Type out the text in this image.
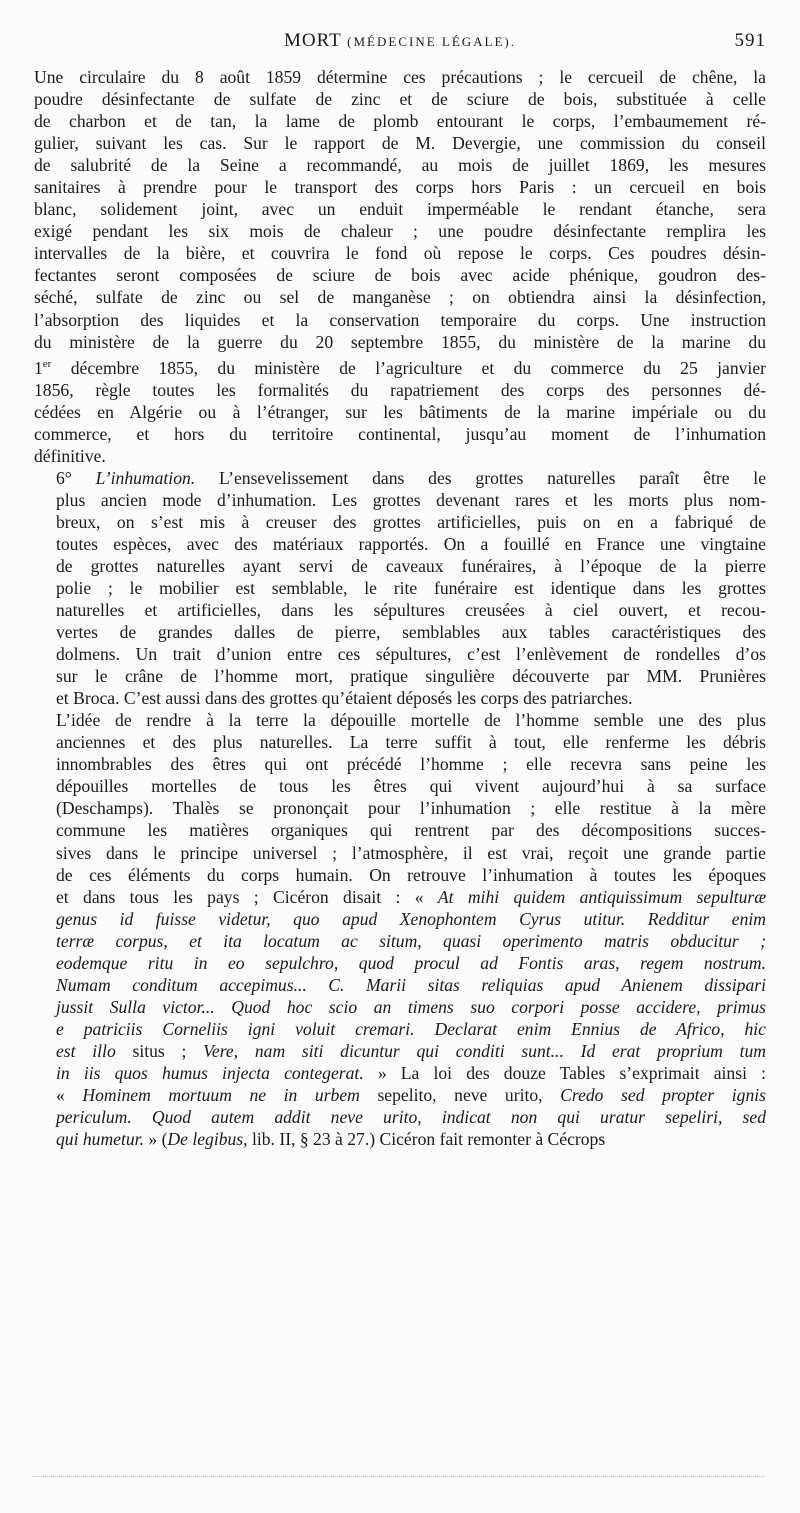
MORT (MÉDECINE LÉGALE).	591

Une circulaire du 8 août 1859 détermine ces précautions ; le cercueil de chêne, la
poudre désinfectante de sulfate de zinc et de sciure de bois, substituée à celle
de charbon et de tan, la lame de plomb entourant le corps, l’embaumement ré-
gulier, suivant les cas. Sur le rapport de M. Devergie, une commission du conseil
de salubrité de la Seine a recommandé, au mois de juillet 1869, les mesures
sanitaires à prendre pour le transport des corps hors Paris : un cercueil en bois
blanc, solidement joint, avec un enduit imperméable le rendant étanche, sera
exigé pendant les six mois de chaleur ; une poudre désinfectante remplira les
intervalles de la bière, et couvrira le fond où repose le corps. Ces poudres désin-
fectantes seront composées de sciure de bois avec acide phénique, goudron des-
séché, sulfate de zinc ou sel de manganèse ; on obtiendra ainsi la désinfection,
l’absorption des liquides et la conservation temporaire du corps. Une instruction
du ministère de la guerre du 20 septembre 1855, du ministère de la marine du
1er décembre 1855, du ministère de l’agriculture et du commerce du 25 janvier
1856, règle toutes les formalités du rapatriement des corps des personnes dé-
cédées en Algérie ou à l’étranger, sur les bâtiments de la marine impériale ou du
commerce, et hors du territoire continental, jusqu’au moment de l’inhumation
définitive.

6° L’inhumation. L’ensevelissement dans des grottes naturelles paraît être le
plus ancien mode d’inhumation. Les grottes devenant rares et les morts plus nom-
breux, on s’est mis à creuser des grottes artificielles, puis on en a fabriqué de
toutes espèces, avec des matériaux rapportés. On a fouillé en France une vingtaine
de grottes naturelles ayant servi de caveaux funéraires, à l’époque de la pierre
polie ; le mobilier est semblable, le rite funéraire est identique dans les grottes
naturelles et artificielles, dans les sépultures creusées à ciel ouvert, et recou-
vertes de grandes dalles de pierre, semblables aux tables caractéristiques des
dolmens. Un trait d’union entre ces sépultures, c’est l’enlèvement de rondelles d’os
sur le crâne de l’homme mort, pratique singulière découverte par MM. Prunières
et Broca. C’est aussi dans des grottes qu’étaient déposés les corps des patriarches.

L’idée de rendre à la terre la dépouille mortelle de l’homme semble une des plus
anciennes et des plus naturelles. La terre suffit à tout, elle renferme les débris
innombrables des êtres qui ont précédé l’homme ; elle recevra sans peine les
dépouilles mortelles de tous les êtres qui vivent aujourd’hui à sa surface
(Deschamps). Thalès se prononçait pour l’inhumation ; elle restitue à la mère
commune les matières organiques qui rentrent par des décompositions succes-
sives dans le principe universel ; l’atmosphère, il est vrai, reçoit une grande partie
de ces éléments du corps humain. On retrouve l’inhumation à toutes les époques
et dans tous les pays ; Cicéron disait : « At mihi quidem antiquissimum sepulturæ
genus id fuisse videtur, quo apud Xenophontem Cyrus utitur. Redditur enim
terræ corpus, et ita locatum ac situm, quasi operimento matris obducitur ;
eodemque ritu in eo sepulchro, quod procul ad Fontis aras, regem nostrum.
Numam conditum accepimus... C. Marii sitas reliquias apud Anienem dissipari
jussit Sulla victor... Quod hoc scio an timens suo corpori posse accidere, primus
e patriciis Corneliis igni voluit cremari. Declarat enim Ennius de Africo, hic
est illo situs ; Vere, nam siti dicuntur qui conditi sunt... Id erat proprium tum
in iis quos humus injecta contegerat. » La loi des douze Tables s’exprimait ainsi :
« Hominem mortuum ne in urbem sepelito, neve urito, Credo sed propter ignis
periculum. Quod autem addit neve urito, indicat non qui uratur sepeliri, sed
qui humetur. » (De legibus, lib. II, § 23 à 27.) Cicéron fait remonter à Cécrops
